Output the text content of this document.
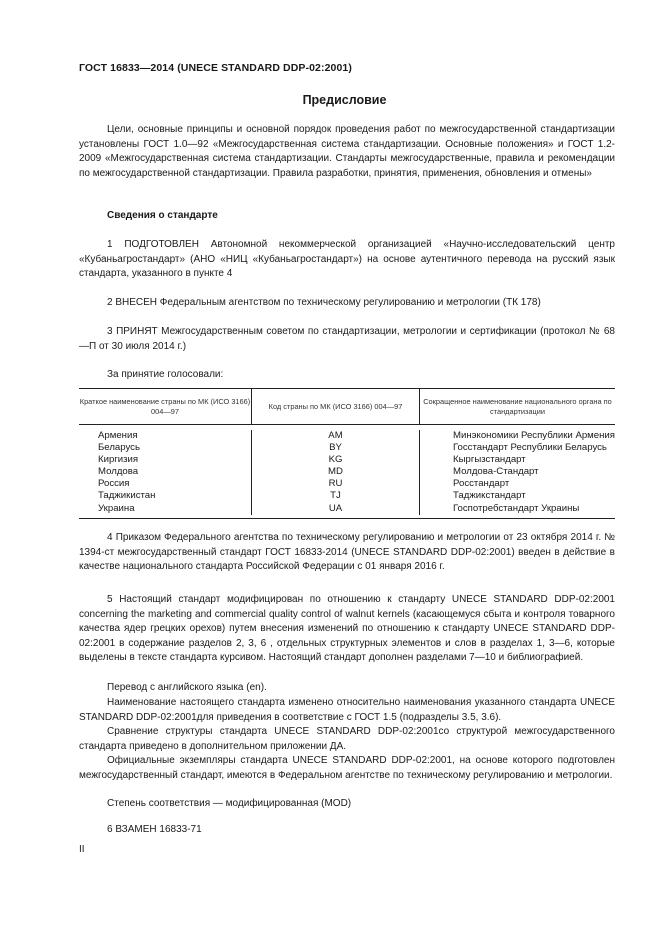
ГОСТ 16833—2014 (UNECE STANDARD DDP-02:2001)
Предисловие

Цели, основные принципы и основной порядок проведения работ по межгосударственной стандартизации установлены ГОСТ 1.0—92 «Межгосударственная система стандартизации. Основные положения» и ГОСТ 1.2-2009 «Межгосударственная система стандартизации. Стандарты межгосударственные, правила и рекомендации по межгосударственной стандартизации. Правила разработки, принятия, применения, обновления и отмены»

Сведения о стандарте

1 ПОДГОТОВЛЕН Автономной некоммерческой организацией «Научно-исследовательский центр «Кубаньагростандарт» (АНО «НИЦ «Кубаньагростандарт») на основе аутентичного перевода на русский язык стандарта, указанного в пункте 4

2 ВНЕСЕН Федеральным агентством по техническому регулированию и метрологии (ТК 178)

3 ПРИНЯТ Межгосударственным советом по стандартизации, метрологии и сертификации (протокол № 68—П от 30 июля 2014 г.)

За принятие голосовали:

Краткое наименование страны по МК (ИСО 3166) 004—97
Код страны по МК (ИСО 3166) 004—97
Сокращенное наименование национального органа по стандартизации
Армения
Беларусь
Киргизия
Молдова
Россия
Таджикистан
Украина
AM
BY
KG
MD
RU
TJ
UA
Минэкономики Республики Армения
Госстандарт Республики Беларусь
Кыргызстандарт
Молдова-Стандарт
Росстандарт
Таджикстандарт
Госпотребстандарт Украины

4 Приказом Федерального агентства по техническому регулированию и метрологии от 23 октября 2014 г. № 1394-ст межгосударственный стандарт ГОСТ 16833-2014 (UNECE STANDARD DDP-02:2001) введен в действие в качестве национального стандарта Российской Федерации с 01 января 2016 г.

5 Настоящий стандарт модифицирован по отношению к стандарту UNECE STANDARD DDP-02:2001 concerning the marketing and commercial quality control of walnut kernels (касающемуся сбыта и контроля товарного качества ядер грецких орехов) путем внесения изменений по отношению к стандарту UNECE STANDARD DDP-02:2001 в содержание разделов 2, 3, 6 , отдельных структурных элементов и слов в разделах 1, 3—6, которые выделены в тексте стандарта курсивом. Настоящий стандарт дополнен разделами 7—10 и библиографией.

Перевод с английского языка (en).

Наименование настоящего стандарта изменено относительно наименования указанного стандарта UNECE STANDARD DDP-02:2001для приведения в соответствие с ГОСТ 1.5 (подразделы 3.5, 3.6).

Сравнение структуры стандарта UNECE STANDARD DDP-02:2001со структурой межгосударственного стандарта приведено в дополнительном приложении ДА.

Официальные экземпляры стандарта UNECE STANDARD DDP-02:2001, на основе которого подготовлен межгосударственный стандарт, имеются в Федеральном агентстве по техническому регулированию и метрологии.

Степень соответствия — модифицированная (MOD)

6 ВЗАМЕН 16833-71

II
